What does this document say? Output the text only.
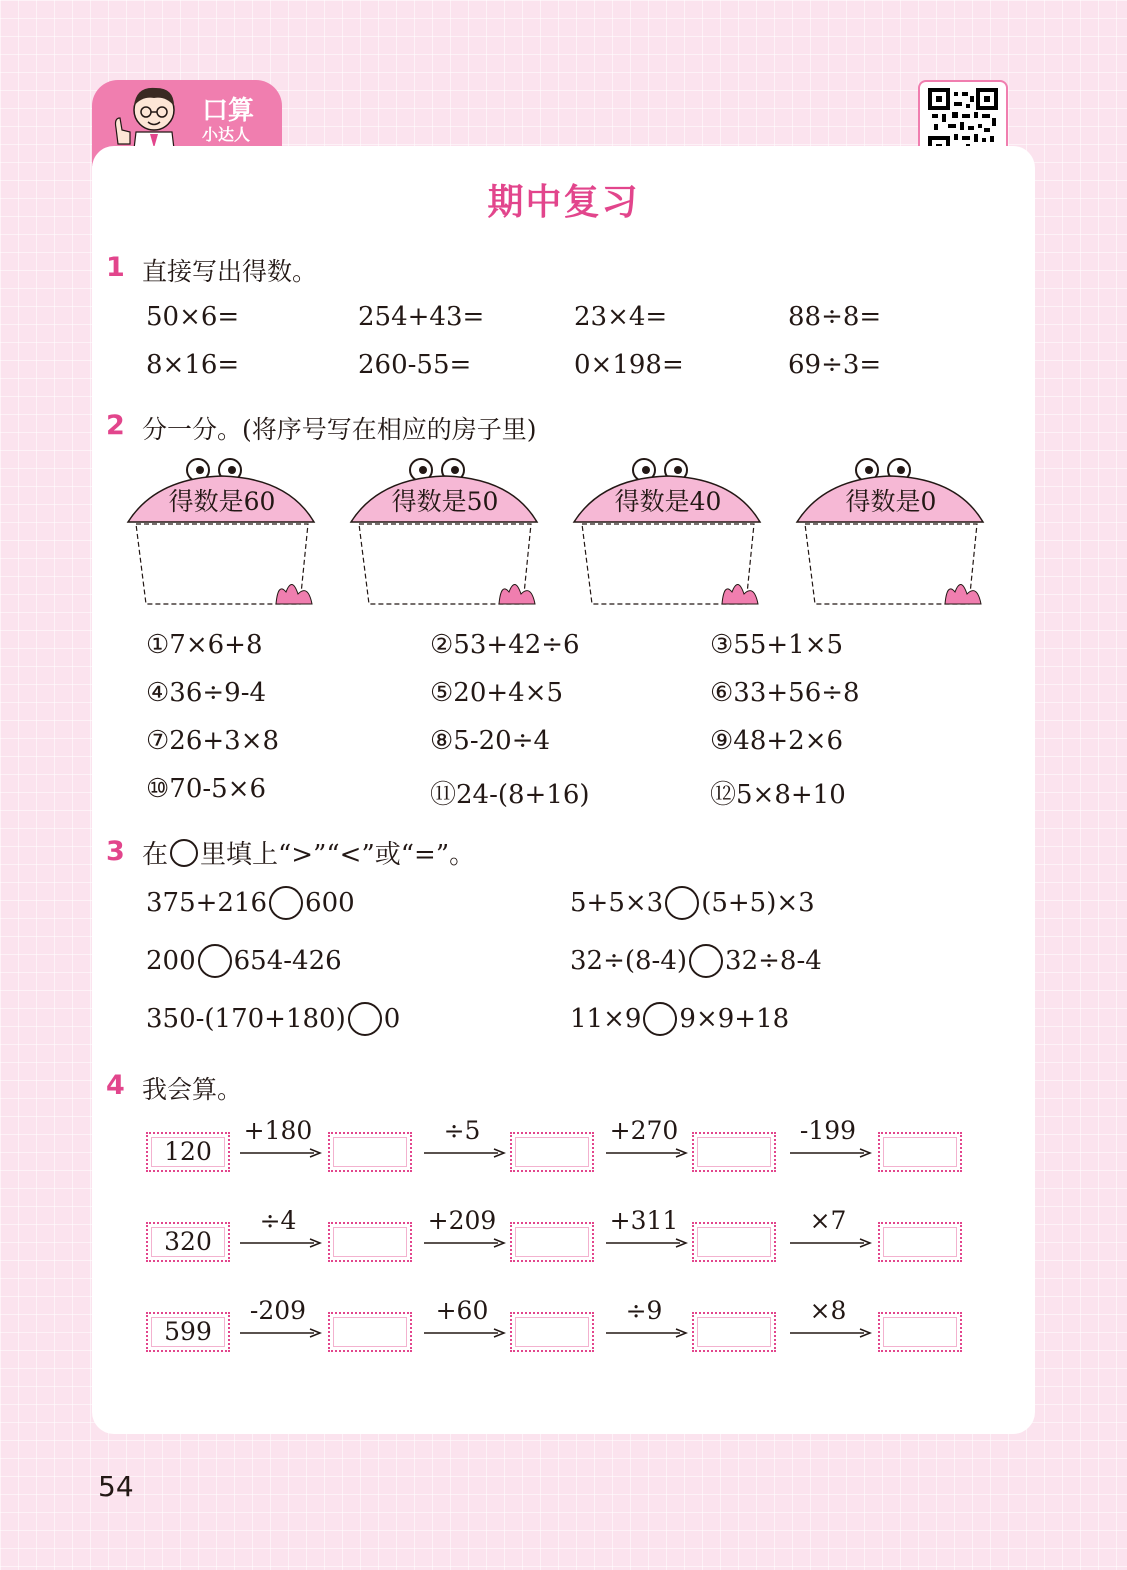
口算
小达人
期中复习
1 直接写出得数。
50×6=	254+43=	23×4=	88÷8=
8×16=	260-55=	0×198=	69÷3=
2 分一分。(将序号写在相应的房子里)
得数是60	得数是50	得数是40	得数是0
①7×6+8	②53+42÷6	③55+1×5
④36÷9-4	⑤20+4×5	⑥33+56÷8
⑦26+3×8	⑧5-20÷4	⑨48+2×6
⑩70-5×6	⑪24-(8+16)	⑫5×8+10
3 在 里填上“>”“<”或“=”。
375+216 600	5+5×3 (5+5)×3
200 654-426	32÷(8-4) 32÷8-4
350-(170+180) 0	11×9 9×9+18
4 我会算。
120
+180	÷5	+270	-199
320
÷4	+209	+311	×7
599
-209	+60	÷9	×8
54
